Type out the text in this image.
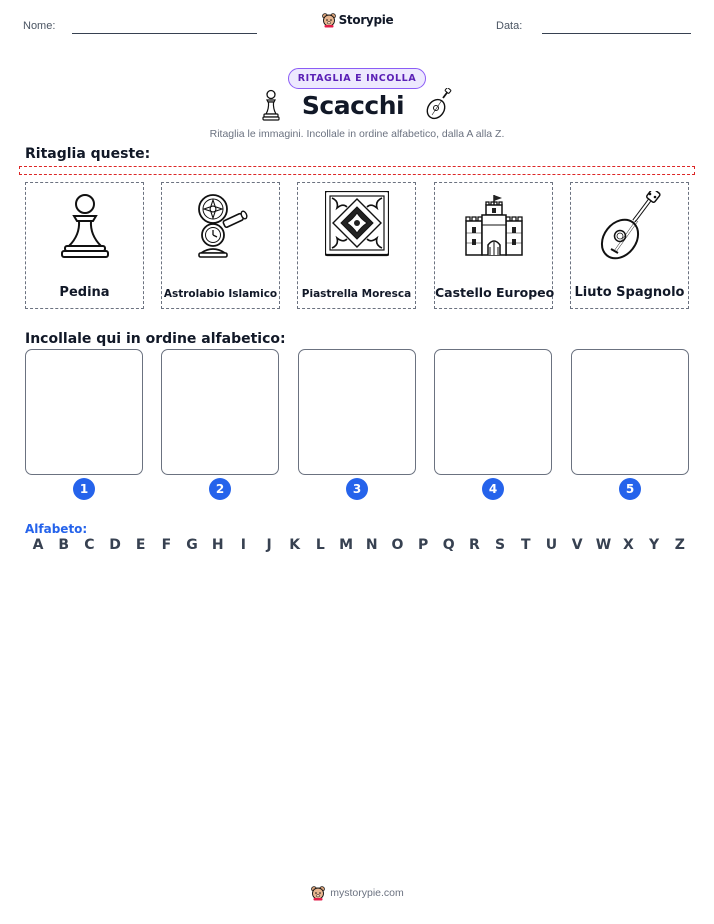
Nome:	Storypie	Data:
RITAGLIA E INCOLLA
Scacchi
Ritaglia le immagini. Incollale in ordine alfabetico, dalla A alla Z.
Ritaglia queste:
Pedina	Astrolabio Islamico	Piastrella Moresca	Castello Europeo Liuto Spagnolo
Incollale qui in ordine alfabetico:
1	2	3	4	5
Alfabeto:
A B C D E F G H	I	J	K L M N O P Q R S T U V W X Y Z
mystorypie.com
